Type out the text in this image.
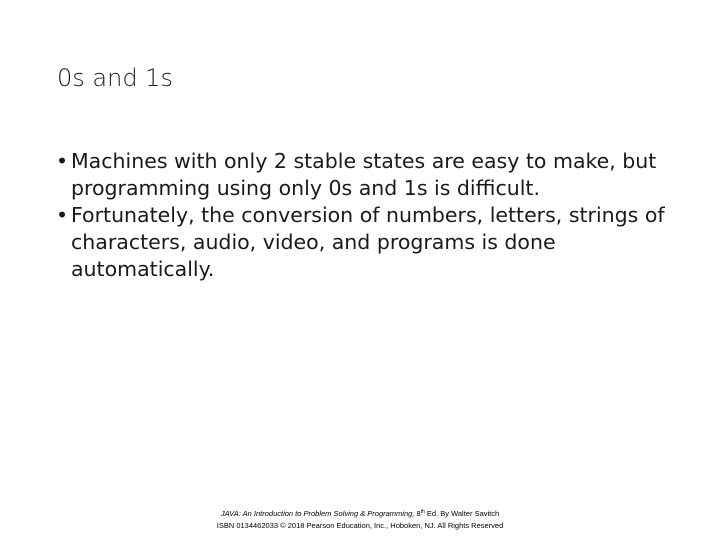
0s and 1s
• Machines with only 2 stable states are easy to make, but programming using only 0s and 1s is difficult.
• Fortunately, the conversion of numbers, letters, strings of characters, audio, video, and programs is done automatically.
JAVA: An Introduction to Problem Solving & Programming, 8th Ed. By Walter Savitch
ISBN 0134462033 © 2018 Pearson Education, Inc., Hoboken, NJ. All Rights Reserved
